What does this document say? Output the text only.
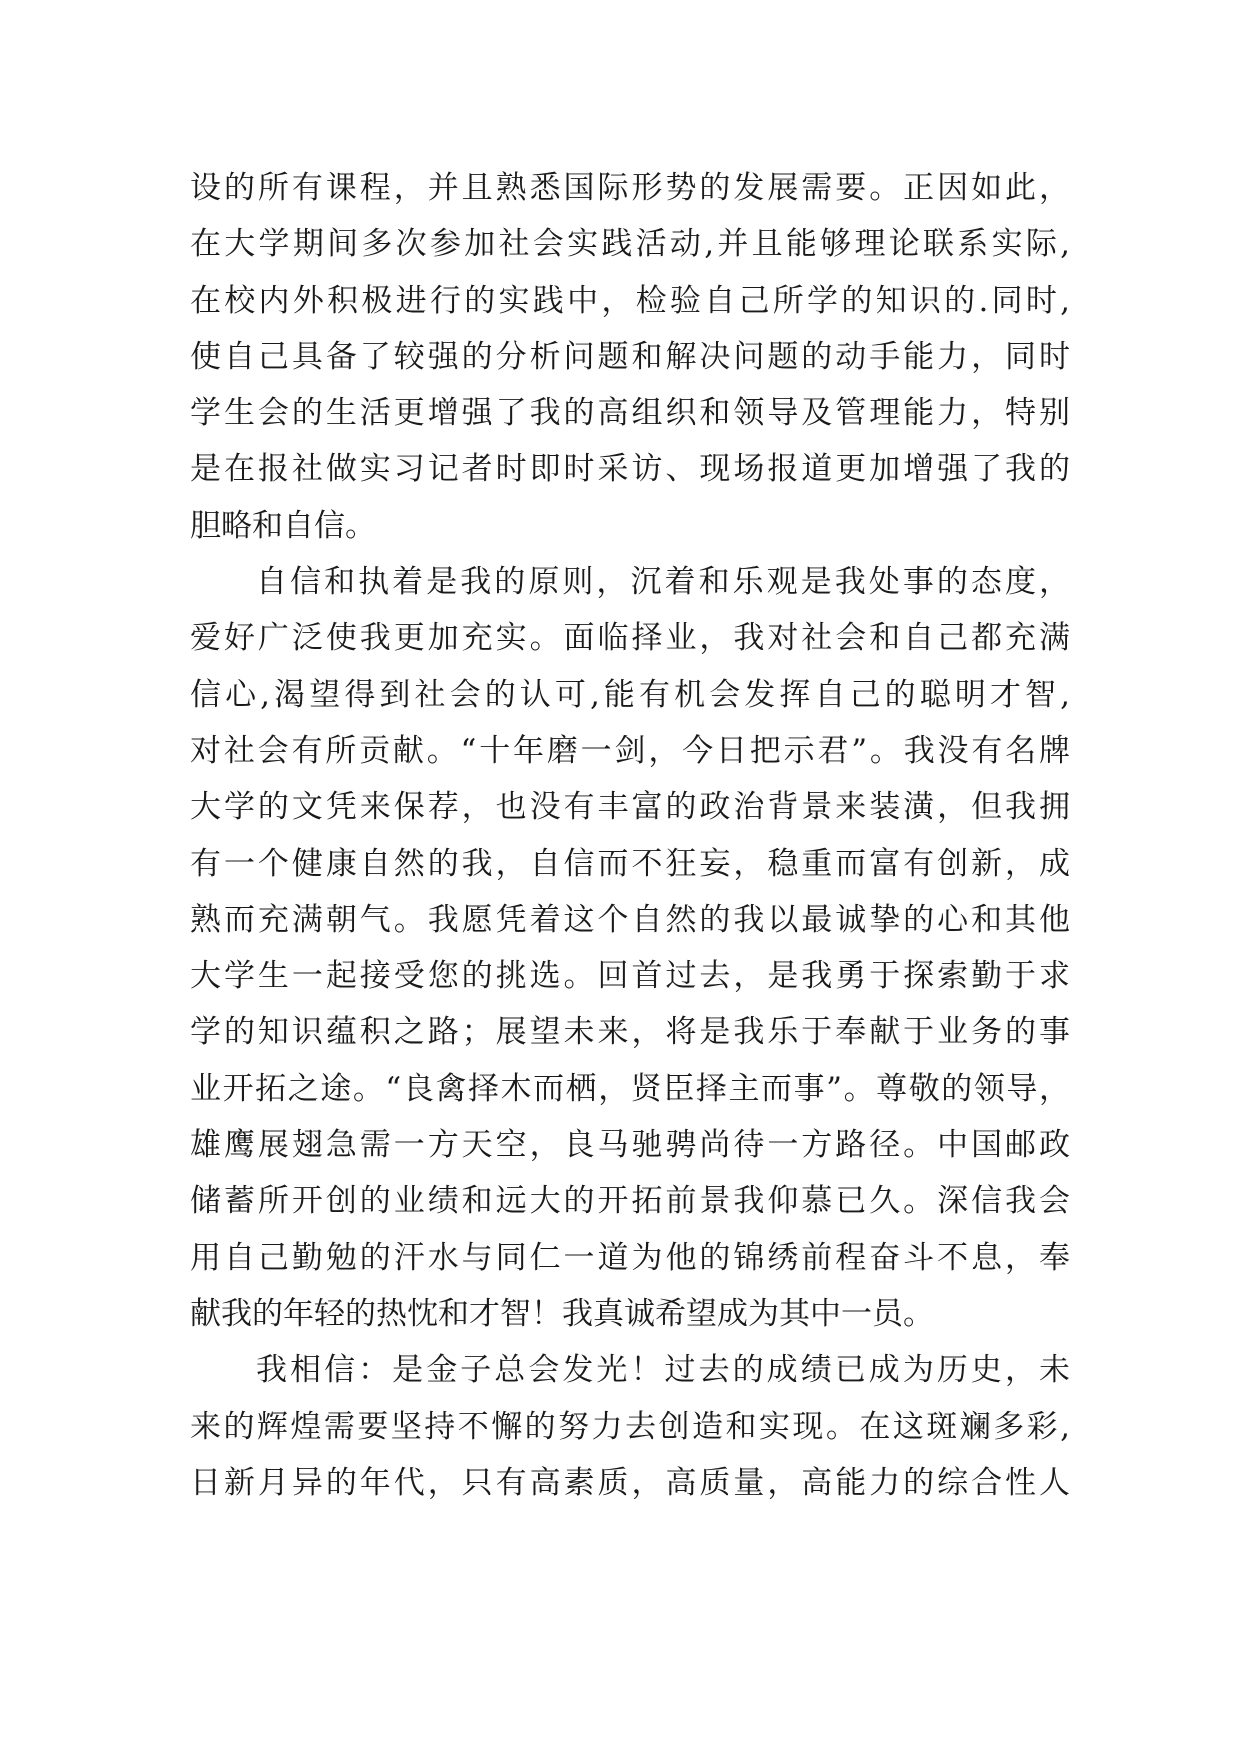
设的所有课程，并且熟悉国际形势的发展需要。正因如此，
在大学期间多次参加社会实践活动,并且能够理论联系实际,
在校内外积极进行的实践中，检验自己所学的知识的.同时,
使自己具备了较强的分析问题和解决问题的动手能力，同时
学生会的生活更增强了我的高组织和领导及管理能力，特别
是在报社做实习记者时即时采访、现场报道更加增强了我的
胆略和自信。
自信和执着是我的原则，沉着和乐观是我处事的态度，
爱好广泛使我更加充实。面临择业，我对社会和自己都充满
信心,渴望得到社会的认可,能有机会发挥自己的聪明才智,
对社会有所贡献。“十年磨一剑，今日把示君”。我没有名牌
大学的文凭来保荐，也没有丰富的政治背景来装潢，但我拥
有一个健康自然的我，自信而不狂妄，稳重而富有创新，成
熟而充满朝气。我愿凭着这个自然的我以最诚挚的心和其他
大学生一起接受您的挑选。回首过去，是我勇于探索勤于求
学的知识蕴积之路；展望未来，将是我乐于奉献于业务的事
业开拓之途。“良禽择木而栖，贤臣择主而事”。尊敬的领导，
雄鹰展翅急需一方天空，良马驰骋尚待一方路径。中国邮政
储蓄所开创的业绩和远大的开拓前景我仰慕已久。深信我会
用自己勤勉的汗水与同仁一道为他的锦绣前程奋斗不息，奉
献我的年轻的热忱和才智！我真诚希望成为其中一员。
我相信：是金子总会发光！过去的成绩已成为历史，未
来的辉煌需要坚持不懈的努力去创造和实现。在这斑斓多彩,
日新月异的年代，只有高素质，高质量，高能力的综合性人
